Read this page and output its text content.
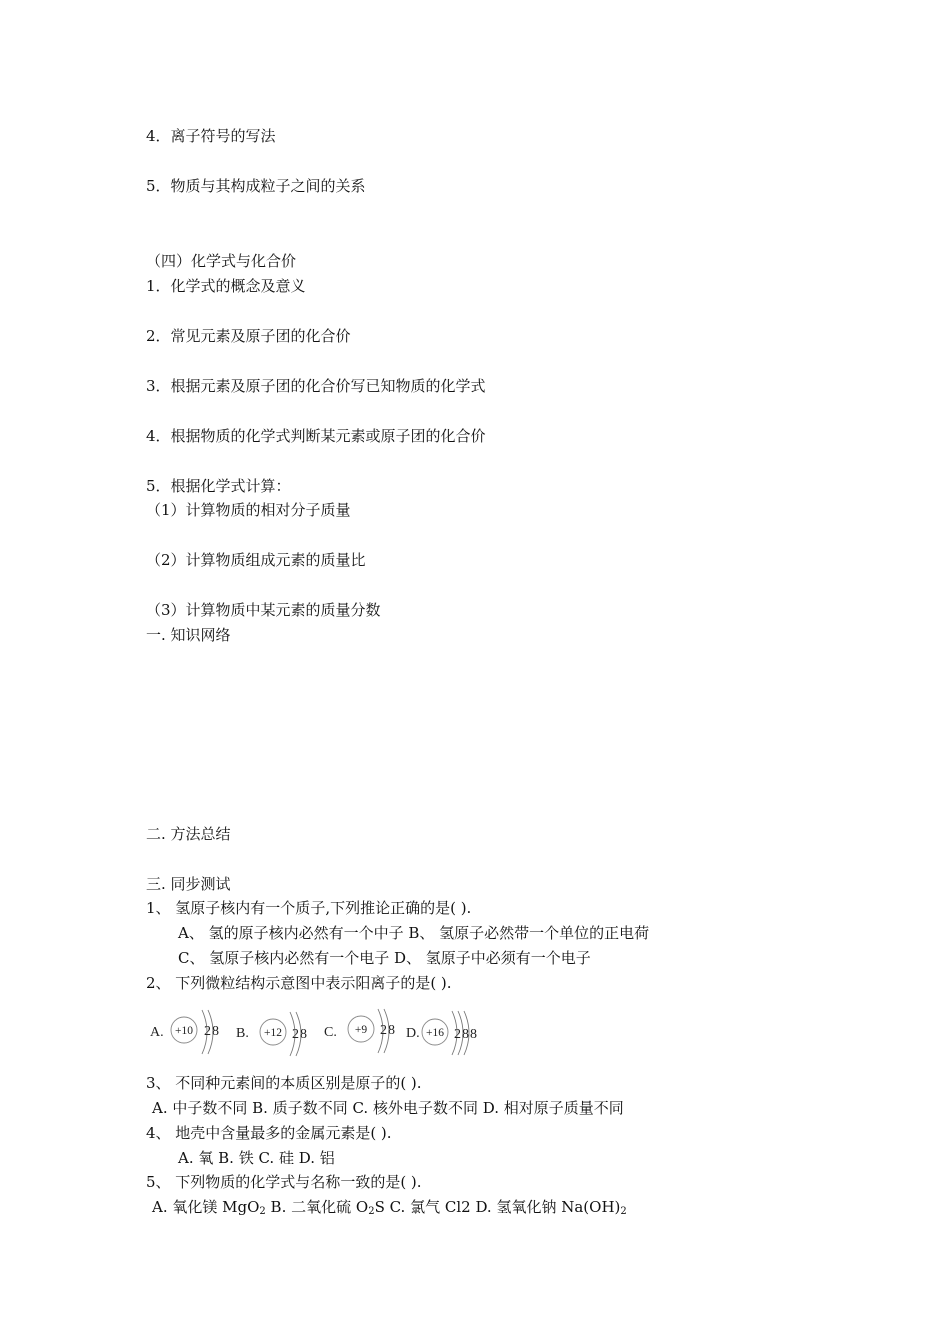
4．离子符号的写法
5．物质与其构成粒子之间的关系
（四）化学式与化合价
1．化学式的概念及意义
2．常见元素及原子团的化合价
3．根据元素及原子团的化合价写已知物质的化学式
4．根据物质的化学式判断某元素或原子团的化合价
5．根据化学式计算：
（1）计算物质的相对分子质量
（2）计算物质组成元素的质量比
（3）计算物质中某元素的质量分数
一. 知识网络
二. 方法总结
三. 同步测试
1、 氢原子核内有一个质子,下列推论正确的是( ).
A、 氢的原子核内必然有一个中子 B、 氢原子必然带一个单位的正电荷
C、 氢原子核内必然有一个电子 D、 氢原子中必须有一个电子
2、 下列微粒结构示意图中表示阳离子的是( ).
A. +10 28 B. +12 28 C. +9 28 D. +16 288
3、 不同种元素间的本质区别是原子的( ).
A. 中子数不同 B. 质子数不同 C. 核外电子数不同 D. 相对原子质量不同
4、 地壳中含量最多的金属元素是( ).
A. 氧 B. 铁 C. 硅 D. 铝
5、 下列物质的化学式与名称一致的是( ).
A. 氧化镁 MgO$_2$ B. 二氧化硫 $O_2S$ C. 氯气 Cl2 D. 氢氧化钠 $Na(OH)_2$
